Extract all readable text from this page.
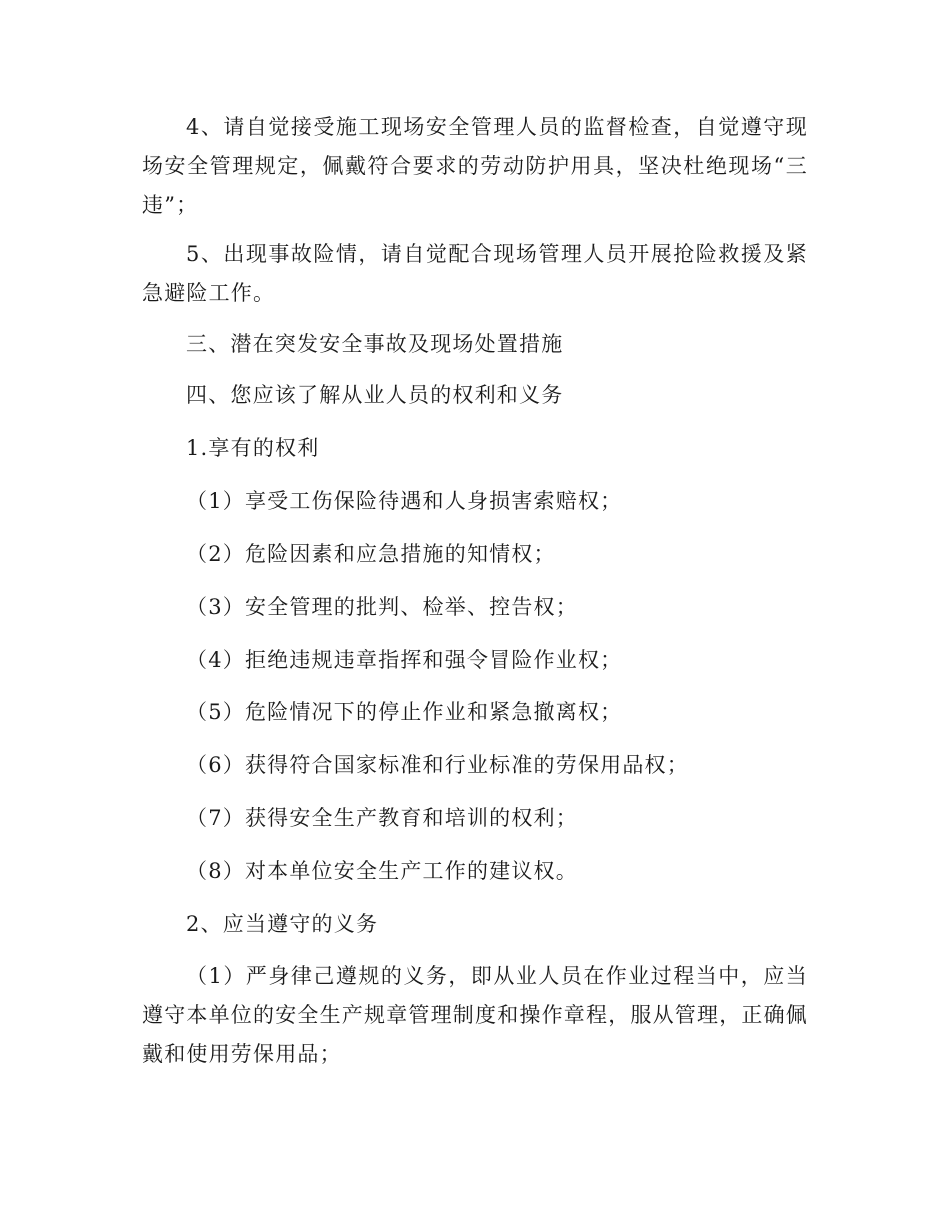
4、请自觉接受施工现场安全管理人员的监督检查，自觉遵守现场安全管理规定，佩戴符合要求的劳动防护用具，坚决杜绝现场“三违”；

5、出现事故险情，请自觉配合现场管理人员开展抢险救援及紧急避险工作。

三、潜在突发安全事故及现场处置措施

四、您应该了解从业人员的权利和义务

1.享有的权利

（1）享受工伤保险待遇和人身损害索赔权；

（2）危险因素和应急措施的知情权；

（3）安全管理的批判、检举、控告权；

（4）拒绝违规违章指挥和强令冒险作业权；

（5）危险情况下的停止作业和紧急撤离权；

（6）获得符合国家标准和行业标准的劳保用品权；

（7）获得安全生产教育和培训的权利；

（8）对本单位安全生产工作的建议权。

2、应当遵守的义务

（1）严身律己遵规的义务，即从业人员在作业过程当中，应当遵守本单位的安全生产规章管理制度和操作章程，服从管理，正确佩戴和使用劳保用品；
